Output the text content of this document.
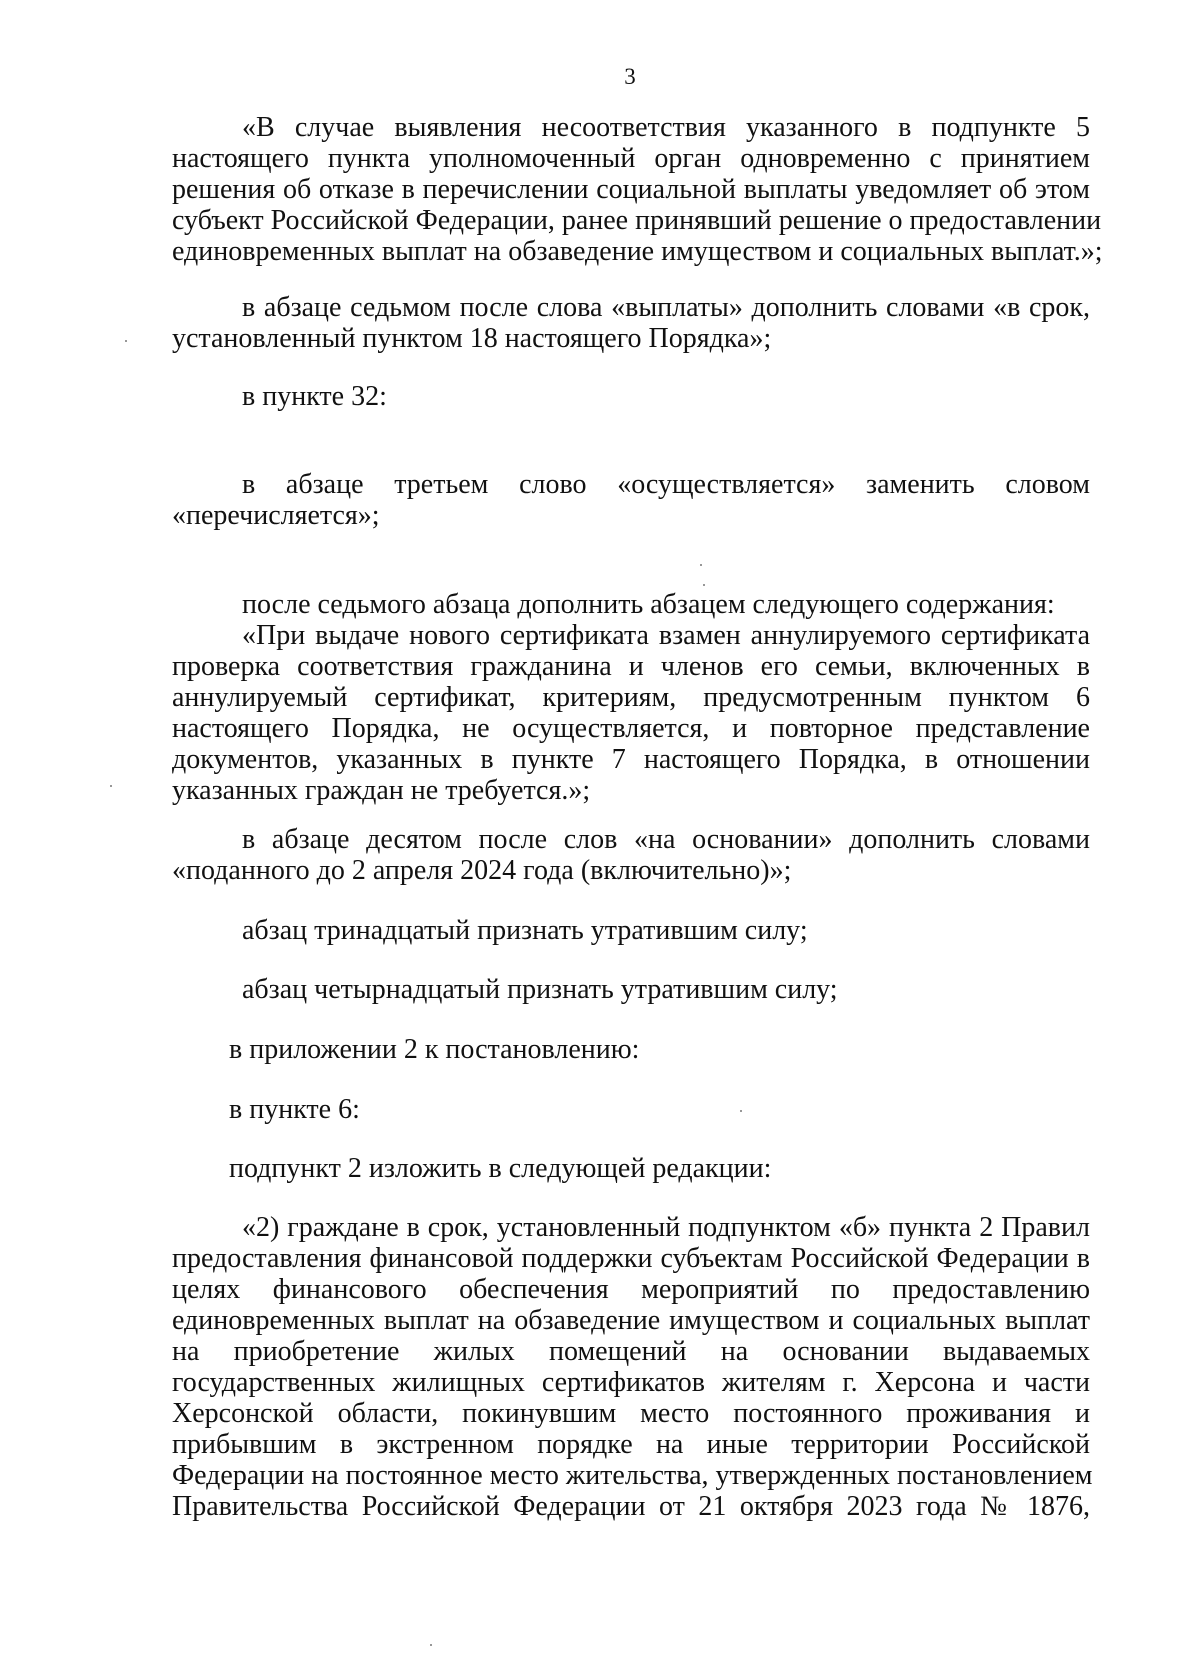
3
«В случае выявления несоответствия указанного в подпункте 5
настоящего пункта уполномоченный орган одновременно с принятием
решения об отказе в перечислении социальной выплаты уведомляет об этом
субъект Российской Федерации, ранее принявший решение о предоставлении
единовременных выплат на обзаведение имуществом и социальных выплат.»;
в абзаце седьмом после слова «выплаты» дополнить словами «в срок,
установленный пунктом 18 настоящего Порядка»;
в пункте 32:
в абзаце третьем слово «осуществляется» заменить словом
«перечисляется»;
после седьмого абзаца дополнить абзацем следующего содержания:
«При выдаче нового сертификата взамен аннулируемого сертификата
проверка соответствия гражданина и членов его семьи, включенных в
аннулируемый сертификат, критериям, предусмотренным пунктом 6
настоящего Порядка, не осуществляется, и повторное представление
документов, указанных в пункте 7 настоящего Порядка, в отношении
указанных граждан не требуется.»;
в абзаце десятом после слов «на основании» дополнить словами
«поданного до 2 апреля 2024 года (включительно)»;
абзац тринадцатый признать утратившим силу;
абзац четырнадцатый признать утратившим силу;
в приложении 2 к постановлению:
в пункте 6:
подпункт 2 изложить в следующей редакции:
«2) граждане в срок, установленный подпунктом «б» пункта 2 Правил
предоставления финансовой поддержки субъектам Российской Федерации в
целях финансового обеспечения мероприятий по предоставлению
единовременных выплат на обзаведение имуществом и социальных выплат
на приобретение жилых помещений на основании выдаваемых
государственных жилищных сертификатов жителям г. Херсона и части
Херсонской области, покинувшим место постоянного проживания и
прибывшим в экстренном порядке на иные территории Российской
Федерации на постоянное место жительства, утвержденных постановлением
Правительства Российской Федерации от 21 октября 2023 года № 1876,
